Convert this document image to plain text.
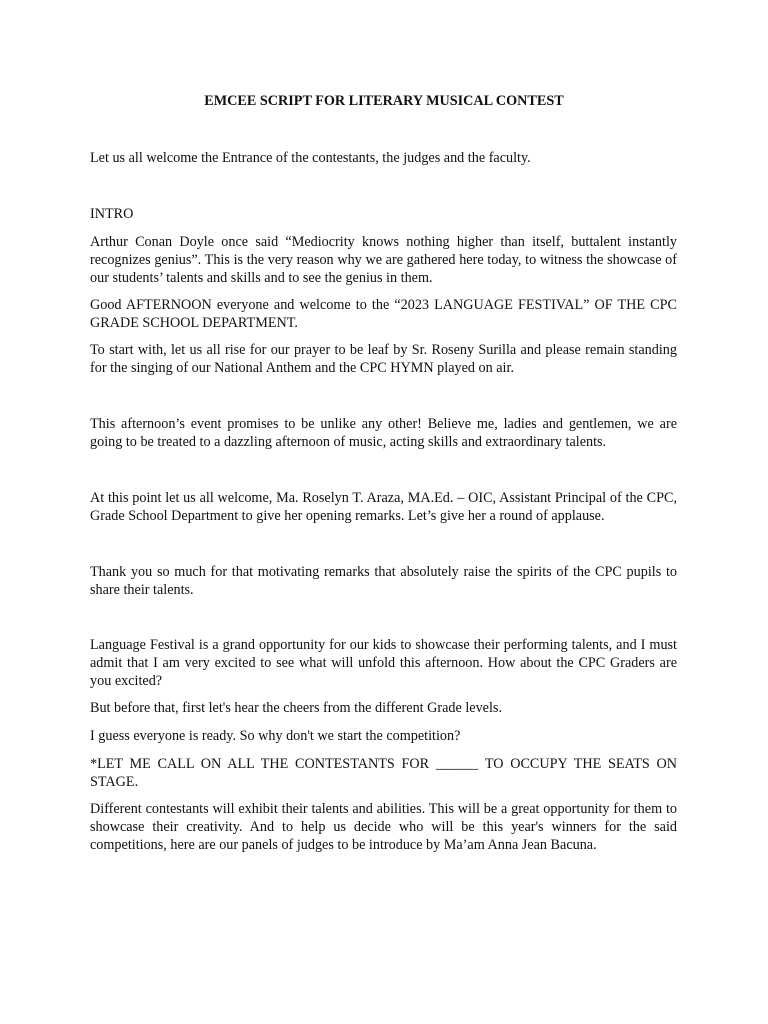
EMCEE SCRIPT FOR LITERARY MUSICAL CONTEST

Let us all welcome the Entrance of the contestants, the judges and the faculty.

INTRO

Arthur Conan Doyle once said “Mediocrity knows nothing higher than itself, buttalent instantly recognizes genius”. This is the very reason why we are gathered here today, to witness the showcase of our students’ talents and skills and to see the genius in them.

Good AFTERNOON everyone and welcome to the “2023 LANGUAGE FESTIVAL” OF THE CPC GRADE SCHOOL DEPARTMENT.

To start with, let us all rise for our prayer to be leaf by Sr. Roseny Surilla and please remain standing for the singing of our National Anthem and the CPC HYMN played on air.

This afternoon’s event promises to be unlike any other! Believe me, ladies and gentlemen, we are going to be treated to a dazzling afternoon of music, acting skills and extraordinary talents.

At this point let us all welcome, Ma. Roselyn T. Araza, MA.Ed. – OIC, Assistant Principal of the CPC, Grade School Department to give her opening remarks. Let’s give her a round of applause.

Thank you so much for that motivating remarks that absolutely raise the spirits of the CPC pupils to share their talents.

Language Festival is a grand opportunity for our kids to showcase their performing talents, and I must admit that I am very excited to see what will unfold this afternoon. How about the CPC Graders are you excited?

But before that, first let's hear the cheers from the different Grade levels.

I guess everyone is ready. So why don't we start the competition?

*LET ME CALL ON ALL THE CONTESTANTS FOR ______ TO OCCUPY THE SEATS ON STAGE.

Different contestants will exhibit their talents and abilities. This will be a great opportunity for them to showcase their creativity. And to help us decide who will be this year's winners for the said competitions, here are our panels of judges to be introduce by Ma’am Anna Jean Bacuna.
